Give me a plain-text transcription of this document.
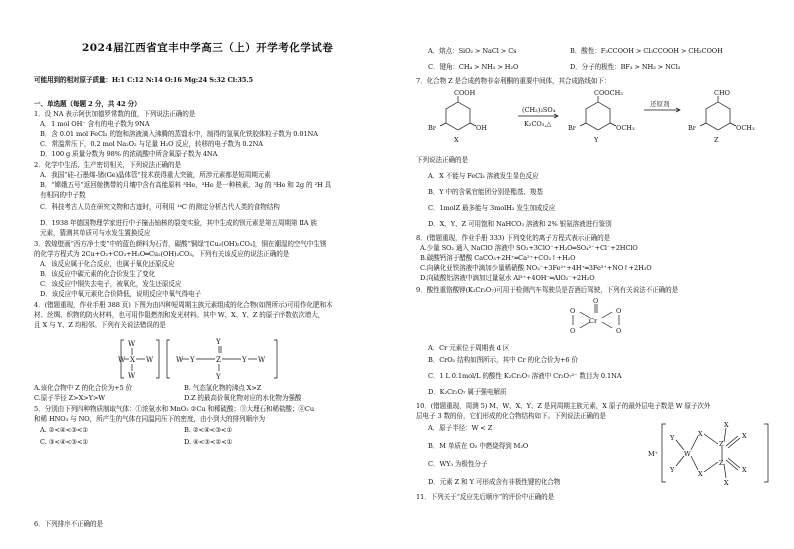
2024届江西省宜丰中学高三（上）开学考化学试卷
可能用到的相对原子质量：H:1 C:12 N:14 O:16 Mg:24 S:32 Cl:35.5
一、单选题（每题 2 分，共 42 分）
1．设 NA 表示阿伏加德罗常数的值，下列说法正确的是
A．1 mol OH⁻ 含有的电子数为 9NA
B．含 0.01 mol FeCl₃ 的饱和溶液滴入沸腾的蒸馏水中，制得的氢氧化铁胶体粒子数为 0.01NA
C．常温常压下，0.2 mol Na₂O₂ 与足量 H₂O 反应，转移的电子数为 0.2NA
D．100 g 质量分数为 98% 的浓硫酸中所含氧原子数为 4NA
2．化学中生活、生产密切相关，下列说法正确的是
A．我国“硅-石墨烯-锗(Ge)晶体管”技术获得重大突破，所涉元素都是短周期元素
B．“嫦娥五号”返回舱携带的月壤中含有高能原料 ³He，³He 是一种核素，3g 的 ³He 和 2g 的 ²H 具
有相同的中子数
C．科技考古人员在研究文物和古迹时，可利用 ¹⁴C 的测定分析古代人类的食物结构
D．1938 年德国物理学家进行中子撞击铀核的裂变实验，其中生成的钡元素是第五周期第 ⅡA 族
元素，猜测其单质可与水发生置换反应
3．敦煌壁画“西方净土变”中的蓝色颜料为石青，碳酸“铜绿”[Cu₂(OH)₂CO₃]，铜在潮湿的空气中生锈
的化学方程式为 2Cu+O₂+CO₂+H₂O═Cu₂(OH)₂CO₃。下列有关该反应的说法正确的是
A．该反应属于化合反应，也属于氧化还原反应
B．该反应中碳元素的化合价发生了变化
C．该反应中铜失去电子，被氧化，发生还原反应
D．该反应中氧元素化合价降低，说明反应中氧气得电子
4．(错题重现，作业手册 388 页) 下图为由四种短周期主族元素组成的化合物(如图所示)可用作化肥和木
材、丝绸、织物的防火材料，也可用作阻燃剂和发光材料。其中 W、X、Y、Z 的原子序数依次增大，
且 X 与 Y、Z 均相邻。下列有关说法错误的是
W
W
W	W
X	Y	Z	Y
Y
Y
W
W
A.该化合物中 Z 的化合价为+5 价	B. 气态氢化物的沸点 X>Z
C.原子半径 Z>X>Y>W	D.Z 的最高价氧化物对应的水化物为强酸
5．分别由下列四种物质制取气体：①浓氨水和 MnO₂ ②Cu 和稀硫酸；③大理石和稀盐酸；④Cu
和稀 HNO₃ 与 NO，所产生的气体在同温同压下的密度，由小到大的排列顺序为
A. ②<④<③<①	B. ②<④<③<①
C. ③<④<③<①	D. ④<③<②<①
6．下列排序不正确的是
A．熔点：SiO₂ > NaCl > Cs	B．酸性：F₃CCOOH > Cl₃CCOOH > CH₃COOH
C．键角：CH₄ > NH₃ > H₂O	D．分子的极性：BF₃ > NH₃ > NCl₃
7．化合物 Z 是合成药物非奈利酮的重要中间体，其合成路线如下：
COOH
OH
Br
X
(CH₃)₂SO₄
K₂CO₃,△
COOCH₃
OCH₃
Br
Y
还原剂
CHO
OCH₃
Br
Z
下列说法正确的是
A．X 不能与 FeCl₃ 溶液发生显色反应
B．Y 中的含氧官能团分别是酯基、羧基
C．1molZ 最多能与 3molH₂ 发生加成反应
D．X、Y、Z 可用饱和 NaHCO₃ 溶液和 2% 银氨溶液进行鉴别
8．(错题重现，作业手册 333) 下列变化的离子方程式表示正确的是
A.少量 SO₂ 通入 NaClO 溶液中 SO₂+3ClO⁻+H₂O═SO₄²⁻+Cl⁻+2HClO
B.碳酸钙溶于醋酸 CaCO₃+2H⁺═Ca²⁺+CO₂↑+H₂O
C.向碘化亚铁溶液中滴加少量稀硝酸 NO₃⁻+3Fe²⁺+4H⁺═3Fe³⁺+NO↑+2H₂O
D.向硫酸铝溶液中滴加过量氨水 Al³⁺+4OH⁻═AlO₂⁻+2H₂O
9．酸性重铬酸钾(K₂Cr₂O₇)可用于检测汽车驾驶员是否酒后驾驶，下列有关说法不正确的是
O
Cr
O
O
O
O
A．Cr 元素位于周期表 d 区
B．CrO₅ 结构如图所示，其中 Cr 的化合价为+6 价
C．1 L 0.1mol/L 的酸性 K₂Cr₂O₇ 溶液中 Cr₂O₇²⁻ 数目为 0.1NA
D．K₂Cr₂O₇ 属于强电解质
10．(错题重现，周测 5) M、W、X、Y、Z 是同周期主族元素，X 原子的最外层电子数是 W 原子次外
层电子 3 数的倍，它们形成的化合物结构如下。下列说法正确的是
A．原子半径：W < Z
B．M 单质在 O₂ 中燃烧得到 M₂O
C．WY₃ 为极性分子
D．元素 Z 和 Y 可形成含有非极性键的化合物
M⁺	W
Y
Y
X
X
Z
Z
X
X
X
X
11．下列关于“反应先后顺序”的评价中正确的是
